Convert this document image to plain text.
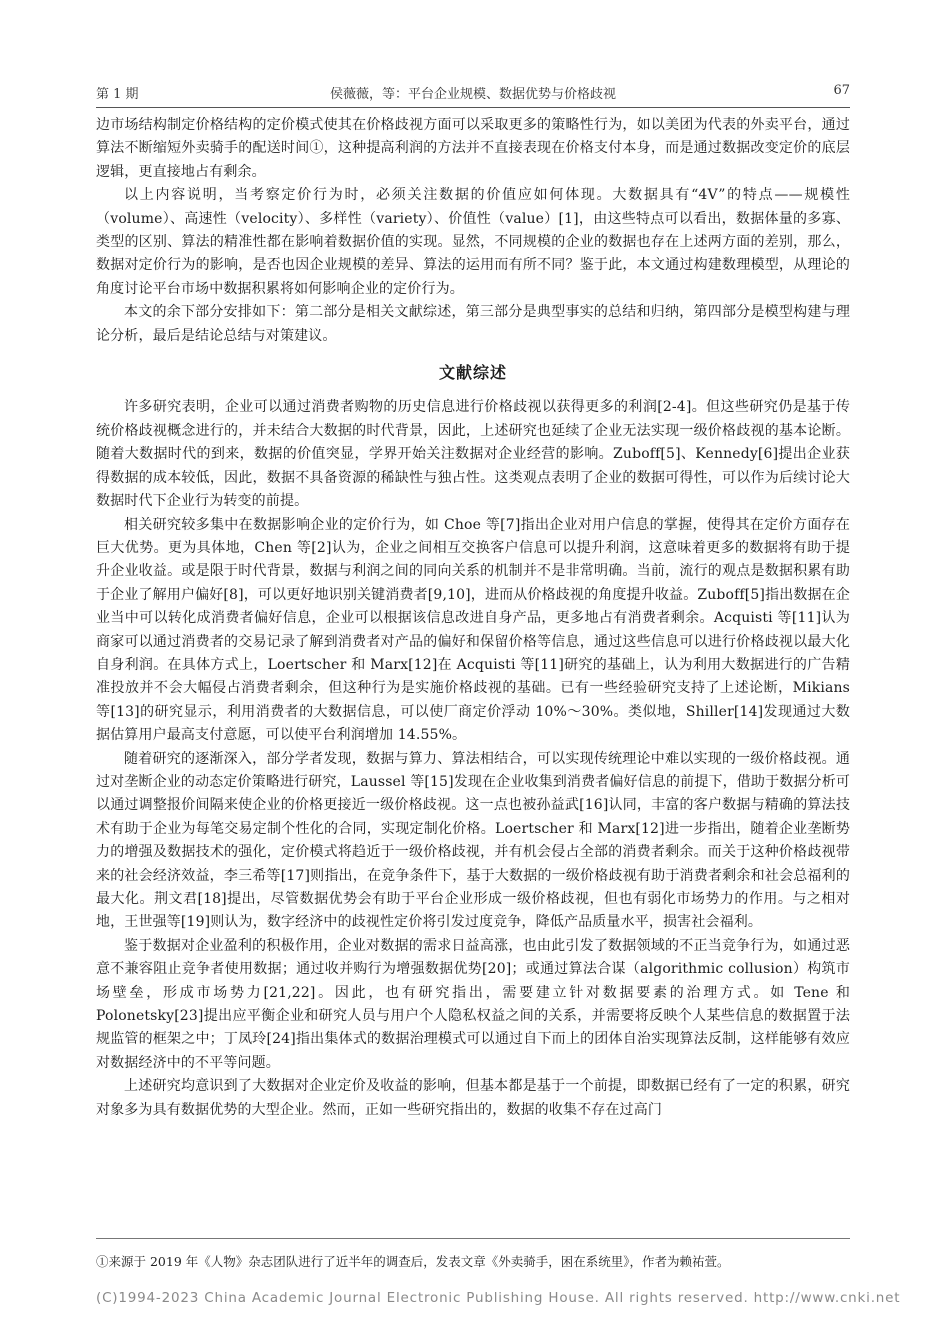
第 1 期	侯薇薇，等：平台企业规模、数据优势与价格歧视	67

边市场结构制定价格结构的定价模式使其在价格歧视方面可以采取更多的策略性行为，如以美团为代表的外卖平台，通过算法不断缩短外卖骑手的配送时间①，这种提高利润的方法并不直接表现在价格支付本身，而是通过数据改变定价的底层逻辑，更直接地占有剩余。

以上内容说明，当考察定价行为时，必须关注数据的价值应如何体现。大数据具有“4V”的特点——规模性（volume）、高速性（velocity）、多样性（variety）、价值性（value）[1]，由这些特点可以看出，数据体量的多寡、类型的区别、算法的精准性都在影响着数据价值的实现。显然，不同规模的企业的数据也存在上述两方面的差别，那么，数据对定价行为的影响，是否也因企业规模的差异、算法的运用而有所不同？鉴于此，本文通过构建数理模型，从理论的角度讨论平台市场中数据积累将如何影响企业的定价行为。

本文的余下部分安排如下：第二部分是相关文献综述，第三部分是典型事实的总结和归纳，第四部分是模型构建与理论分析，最后是结论总结与对策建议。

文献综述

许多研究表明，企业可以通过消费者购物的历史信息进行价格歧视以获得更多的利润[2-4]。但这些研究仍是基于传统价格歧视概念进行的，并未结合大数据的时代背景，因此，上述研究也延续了企业无法实现一级价格歧视的基本论断。随着大数据时代的到来，数据的价值突显，学界开始关注数据对企业经营的影响。Zuboff[5]、Kennedy[6]提出企业获得数据的成本较低，因此，数据不具备资源的稀缺性与独占性。这类观点表明了企业的数据可得性，可以作为后续讨论大数据时代下企业行为转变的前提。

相关研究较多集中在数据影响企业的定价行为，如 Choe 等[7]指出企业对用户信息的掌握，使得其在定价方面存在巨大优势。更为具体地，Chen 等[2]认为，企业之间相互交换客户信息可以提升利润，这意味着更多的数据将有助于提升企业收益。或是限于时代背景，数据与利润之间的同向关系的机制并不是非常明确。当前，流行的观点是数据积累有助于企业了解用户偏好[8]，可以更好地识别关键消费者[9,10]，进而从价格歧视的角度提升收益。Zuboff[5]指出数据在企业当中可以转化成消费者偏好信息，企业可以根据该信息改进自身产品，更多地占有消费者剩余。Acquisti 等[11]认为商家可以通过消费者的交易记录了解到消费者对产品的偏好和保留价格等信息，通过这些信息可以进行价格歧视以最大化自身利润。在具体方式上，Loertscher 和 Marx[12]在 Acquisti 等[11]研究的基础上，认为利用大数据进行的广告精准投放并不会大幅侵占消费者剩余，但这种行为是实施价格歧视的基础。已有一些经验研究支持了上述论断，Mikians 等[13]的研究显示，利用消费者的大数据信息，可以使厂商定价浮动 10%～30%。类似地，Shiller[14]发现通过大数据估算用户最高支付意愿，可以使平台利润增加 14.55%。

随着研究的逐渐深入，部分学者发现，数据与算力、算法相结合，可以实现传统理论中难以实现的一级价格歧视。通过对垄断企业的动态定价策略进行研究，Laussel 等[15]发现在企业收集到消费者偏好信息的前提下，借助于数据分析可以通过调整报价间隔来使企业的价格更接近一级价格歧视。这一点也被孙益武[16]认同，丰富的客户数据与精确的算法技术有助于企业为每笔交易定制个性化的合同，实现定制化价格。Loertscher 和 Marx[12]进一步指出，随着企业垄断势力的增强及数据技术的强化，定价模式将趋近于一级价格歧视，并有机会侵占全部的消费者剩余。而关于这种价格歧视带来的社会经济效益，李三希等[17]则指出，在竞争条件下，基于大数据的一级价格歧视有助于消费者剩余和社会总福利的最大化。荆文君[18]提出，尽管数据优势会有助于平台企业形成一级价格歧视，但也有弱化市场势力的作用。与之相对地，王世强等[19]则认为，数字经济中的歧视性定价将引发过度竞争，降低产品质量水平，损害社会福利。

鉴于数据对企业盈利的积极作用，企业对数据的需求日益高涨，也由此引发了数据领域的不正当竞争行为，如通过恶意不兼容阻止竞争者使用数据；通过收并购行为增强数据优势[20]；或通过算法合谋（algorithmic collusion）构筑市场壁垒，形成市场势力[21,22]。因此，也有研究指出，需要建立针对数据要素的治理方式。如 Tene 和 Polonetsky[23]提出应平衡企业和研究人员与用户个人隐私权益之间的关系，并需要将反映个人某些信息的数据置于法规监管的框架之中；丁凤玲[24]指出集体式的数据治理模式可以通过自下而上的团体自治实现算法反制，这样能够有效应对数据经济中的不平等问题。

上述研究均意识到了大数据对企业定价及收益的影响，但基本都是基于一个前提，即数据已经有了一定的积累，研究对象多为具有数据优势的大型企业。然而，正如一些研究指出的，数据的收集不存在过高门

①来源于 2019 年《人物》杂志团队进行了近半年的调查后，发表文章《外卖骑手，困在系统里》，作者为赖祐萱。
(C)1994-2023 China Academic Journal Electronic Publishing House. All rights reserved. http://www.cnki.net
